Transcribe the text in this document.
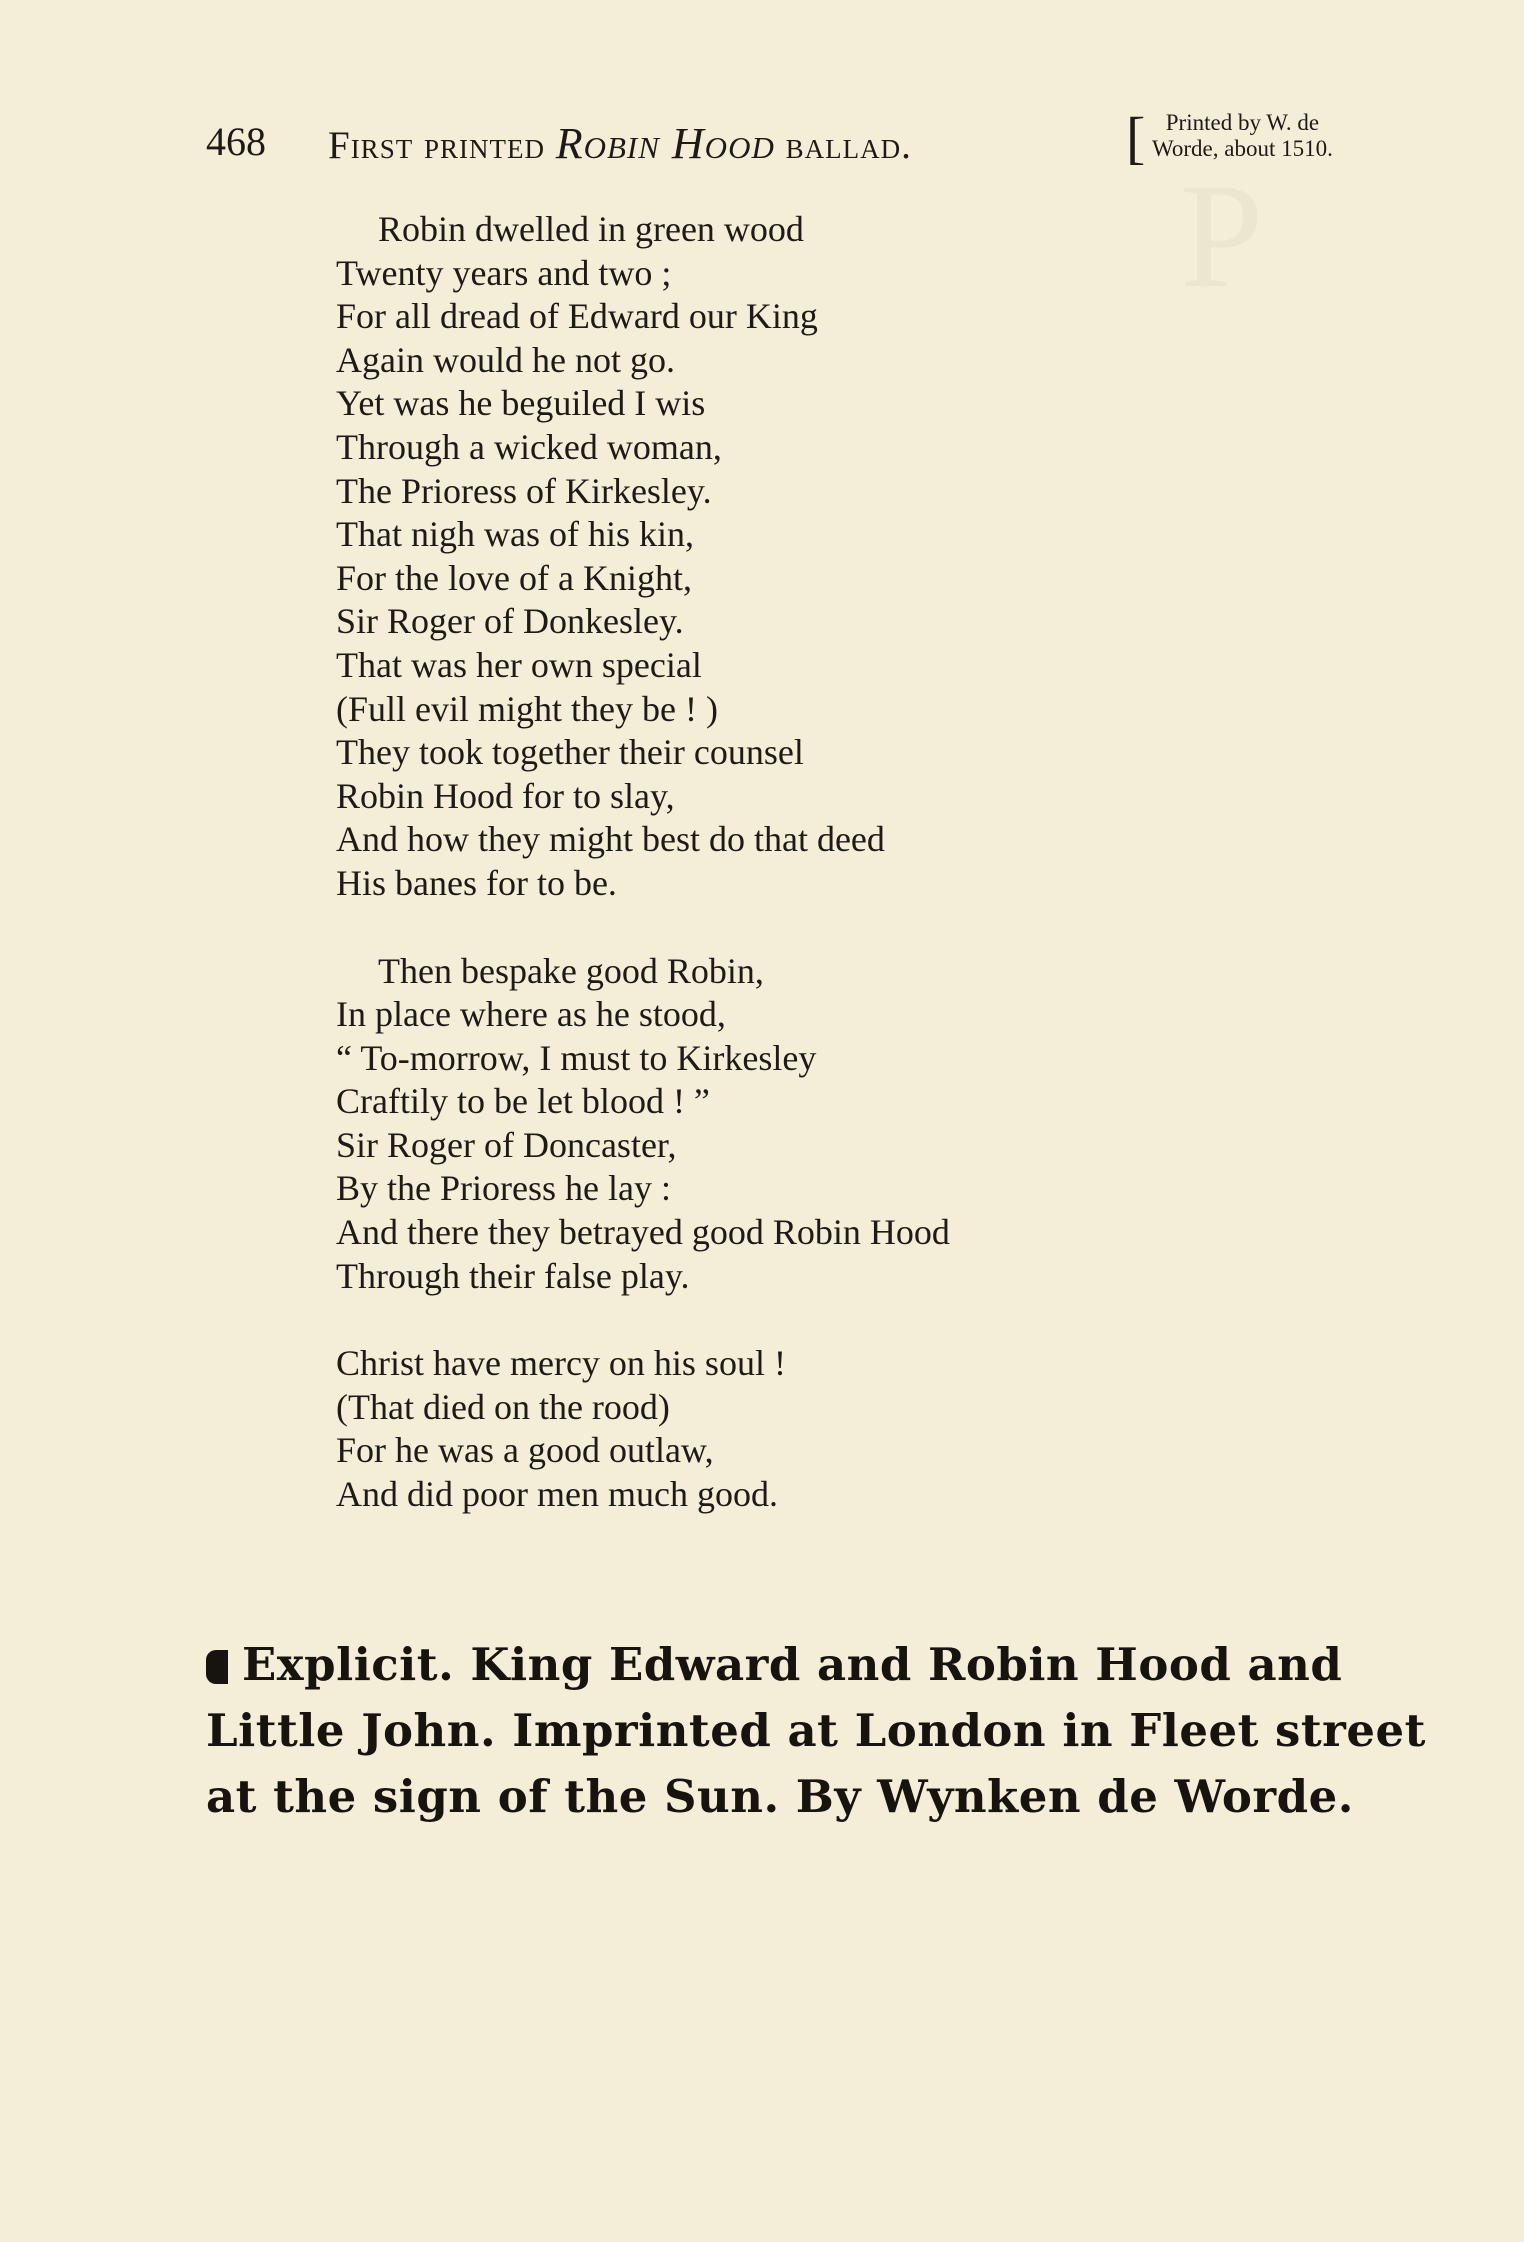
P
468 First printed Robin Hood ballad.	[ Printed by W. de
Worde, about 1510.
Robin dwelled in green wood
Twenty years and two ;
For all dread of Edward our King
Again would he not go.
Yet was he beguiled I wis
Through a wicked woman,
The Prioress of Kirkesley.
That nigh was of his kin,
For the love of a Knight,
Sir Roger of Donkesley.
That was her own special
(Full evil might they be ! )
They took together their counsel
Robin Hood for to slay,
And how they might best do that deed
His banes for to be.
Then bespake good Robin,
In place where as he stood,
“ To-morrow, I must to Kirkesley
Craftily to be let blood ! ”
Sir Roger of Doncaster,
By the Prioress he lay :
And there they betrayed good Robin Hood
Through their false play.
Christ have mercy on his soul !
(That died on the rood)
For he was a good outlaw,
And did poor men much good.
Explicit. King Edward and Robin Hood and
Little John. Imprinted at London in Fleet street
at the sign of the Sun. By Wynken de Worde.
